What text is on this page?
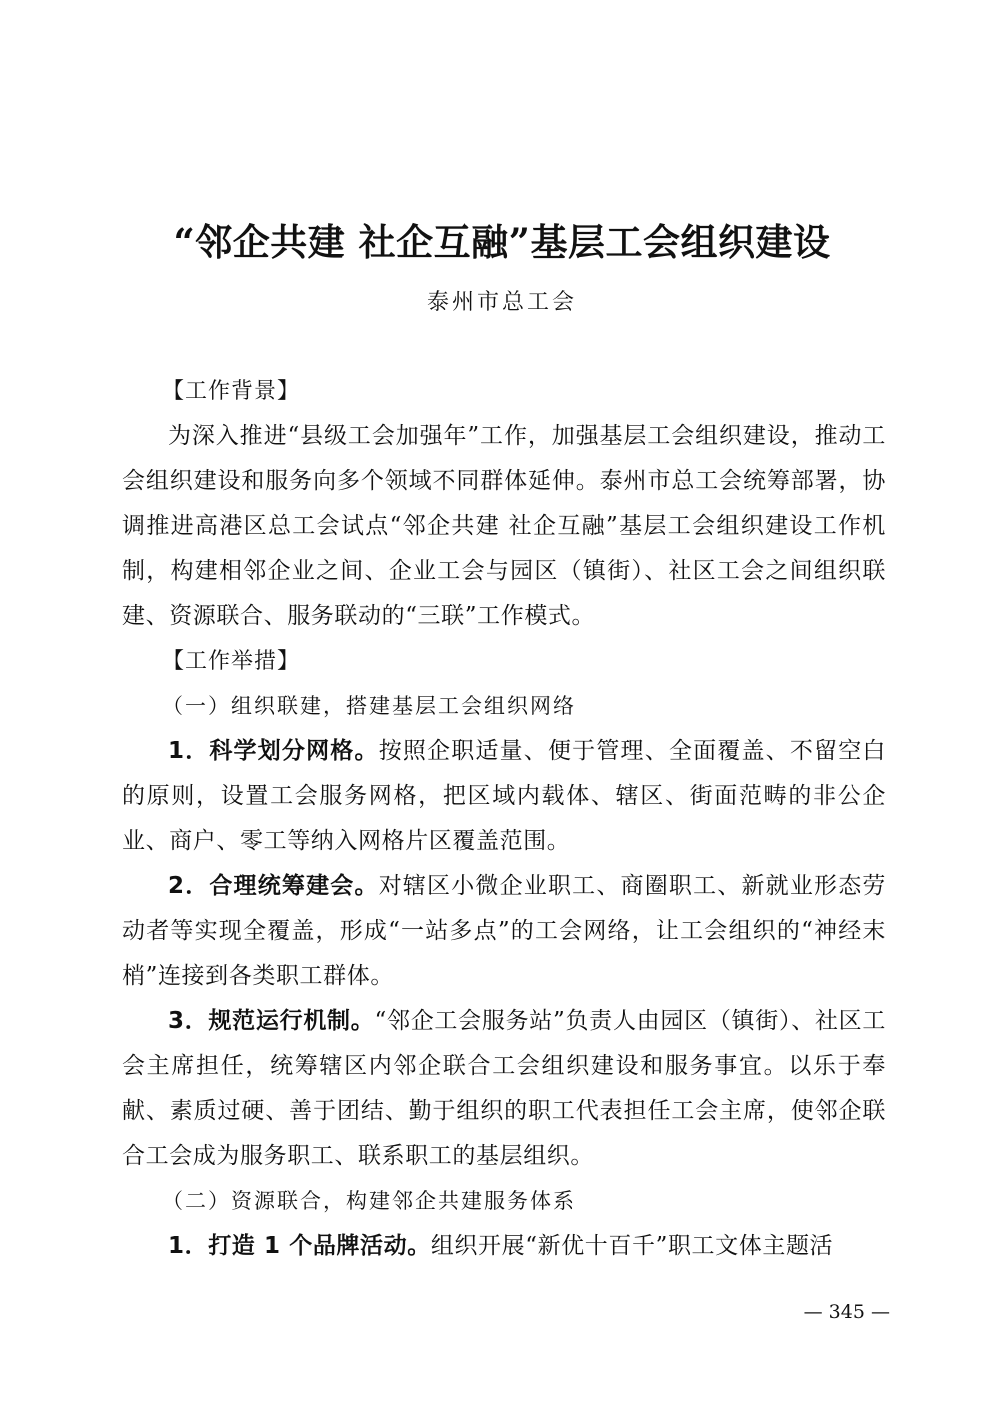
“邻企共建 社企互融”基层工会组织建设
泰州市总工会
【工作背景】

为深入推进“县级工会加强年”工作，加强基层工会组织建设，推动工会组织建设和服务向多个领域不同群体延伸。泰州市总工会统筹部署，协调推进高港区总工会试点“邻企共建 社企互融”基层工会组织建设工作机制，构建相邻企业之间、企业工会与园区（镇街）、社区工会之间组织联建、资源联合、服务联动的“三联”工作模式。

【工作举措】
（一）组织联建，搭建基层工会组织网络

1．科学划分网格。按照企职适量、便于管理、全面覆盖、不留空白的原则，设置工会服务网格，把区域内载体、辖区、街面范畴的非公企业、商户、零工等纳入网格片区覆盖范围。

2．合理统筹建会。对辖区小微企业职工、商圈职工、新就业形态劳动者等实现全覆盖，形成“一站多点”的工会网络，让工会组织的“神经末梢”连接到各类职工群体。

3．规范运行机制。“邻企工会服务站”负责人由园区（镇街）、社区工会主席担任，统筹辖区内邻企联合工会组织建设和服务事宜。以乐于奉献、素质过硬、善于团结、勤于组织的职工代表担任工会主席，使邻企联合工会成为服务职工、联系职工的基层组织。

（二）资源联合，构建邻企共建服务体系

1．打造 1 个品牌活动。组织开展“新优十百千”职工文体主题活

— 345 —
